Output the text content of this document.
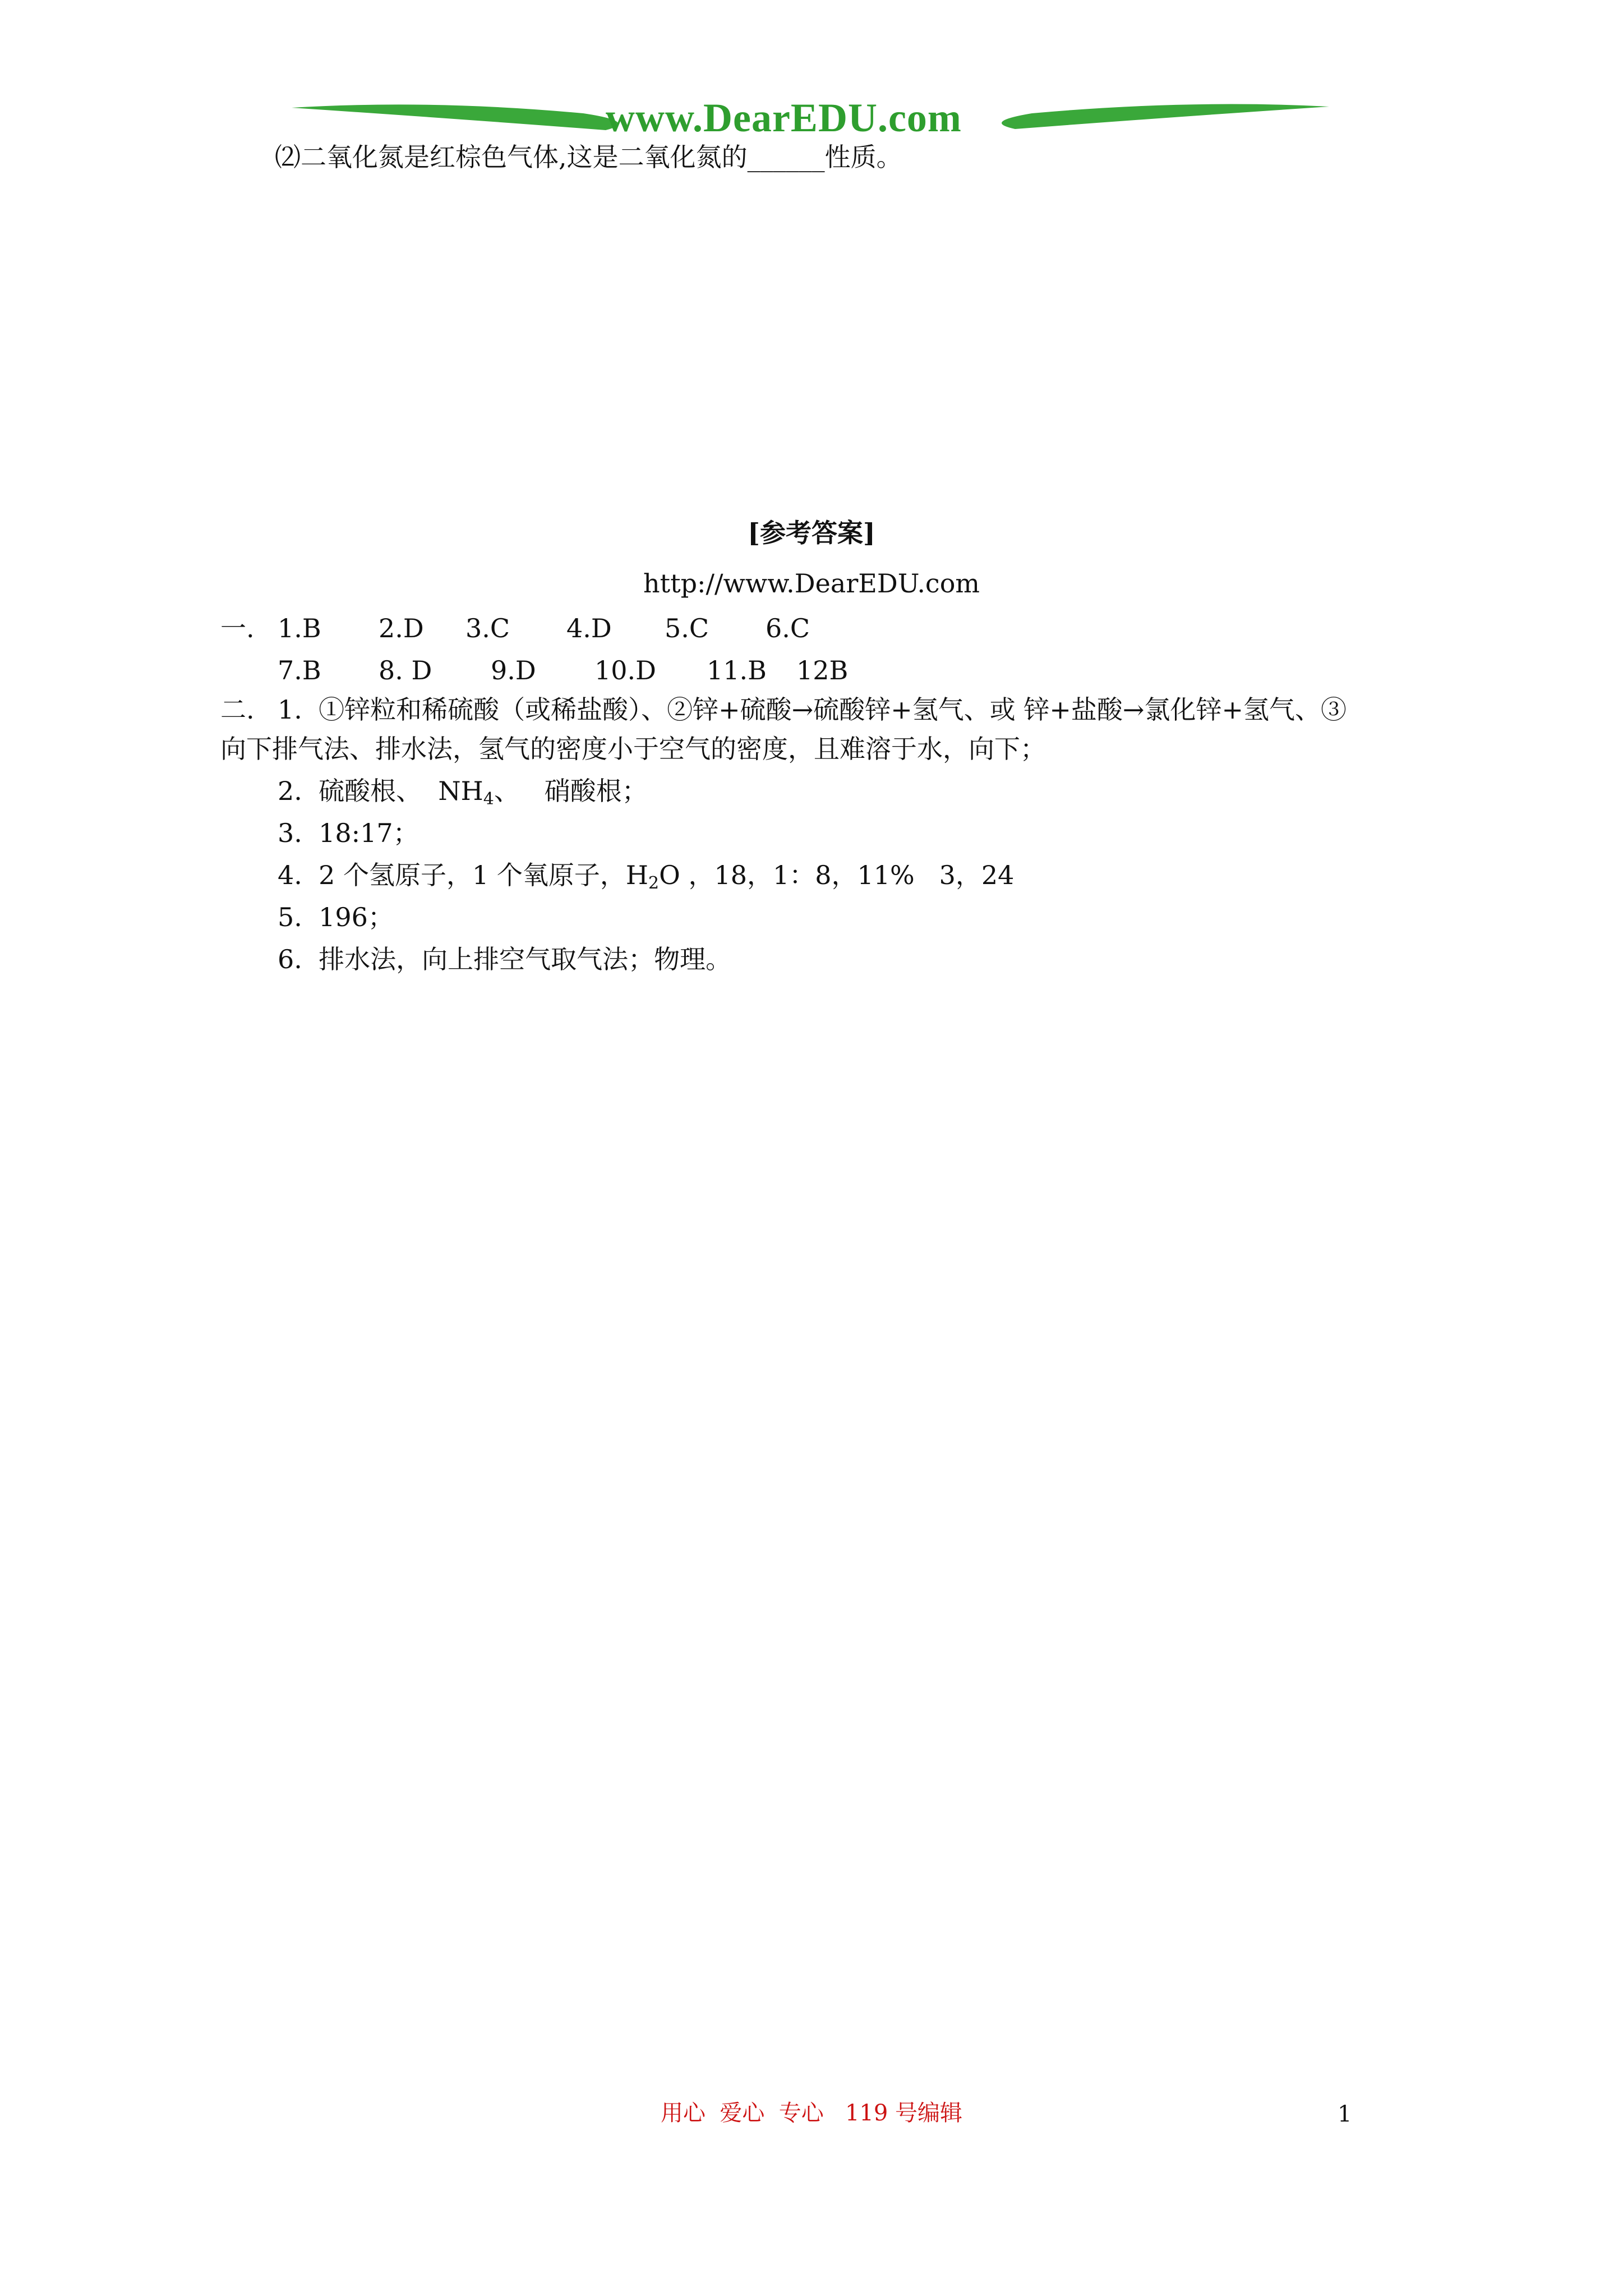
www.DearEDU.com
⑵二氧化氮是红棕色气体,这是二氧化氮的______性质。
[参考答案]
http://www.DearEDU.com
一. 1.B 2.D 3.C 4.D 5.C 6.C
7.B 8. D 9.D 10.D 11.B 12B
二. 1.  ①锌粒和稀硫酸（或稀盐酸）、②锌+硫酸→硫酸锌+氢气、或 锌+盐酸→氯化锌+氢气、③
向下排气法、排水法，氢气的密度小于空气的密度，且难溶于水，向下；
2.  硫酸根、  $NH_4$、   硝酸根；
3.  18:17；
4.  2 个氢原子，1 个氧原子，$H_2O$ ，18，1：8，11%   3，24
5.  196；
6.  排水法，向上排空气取气法；物理。
用心  爱心  专心   119 号编辑	1
